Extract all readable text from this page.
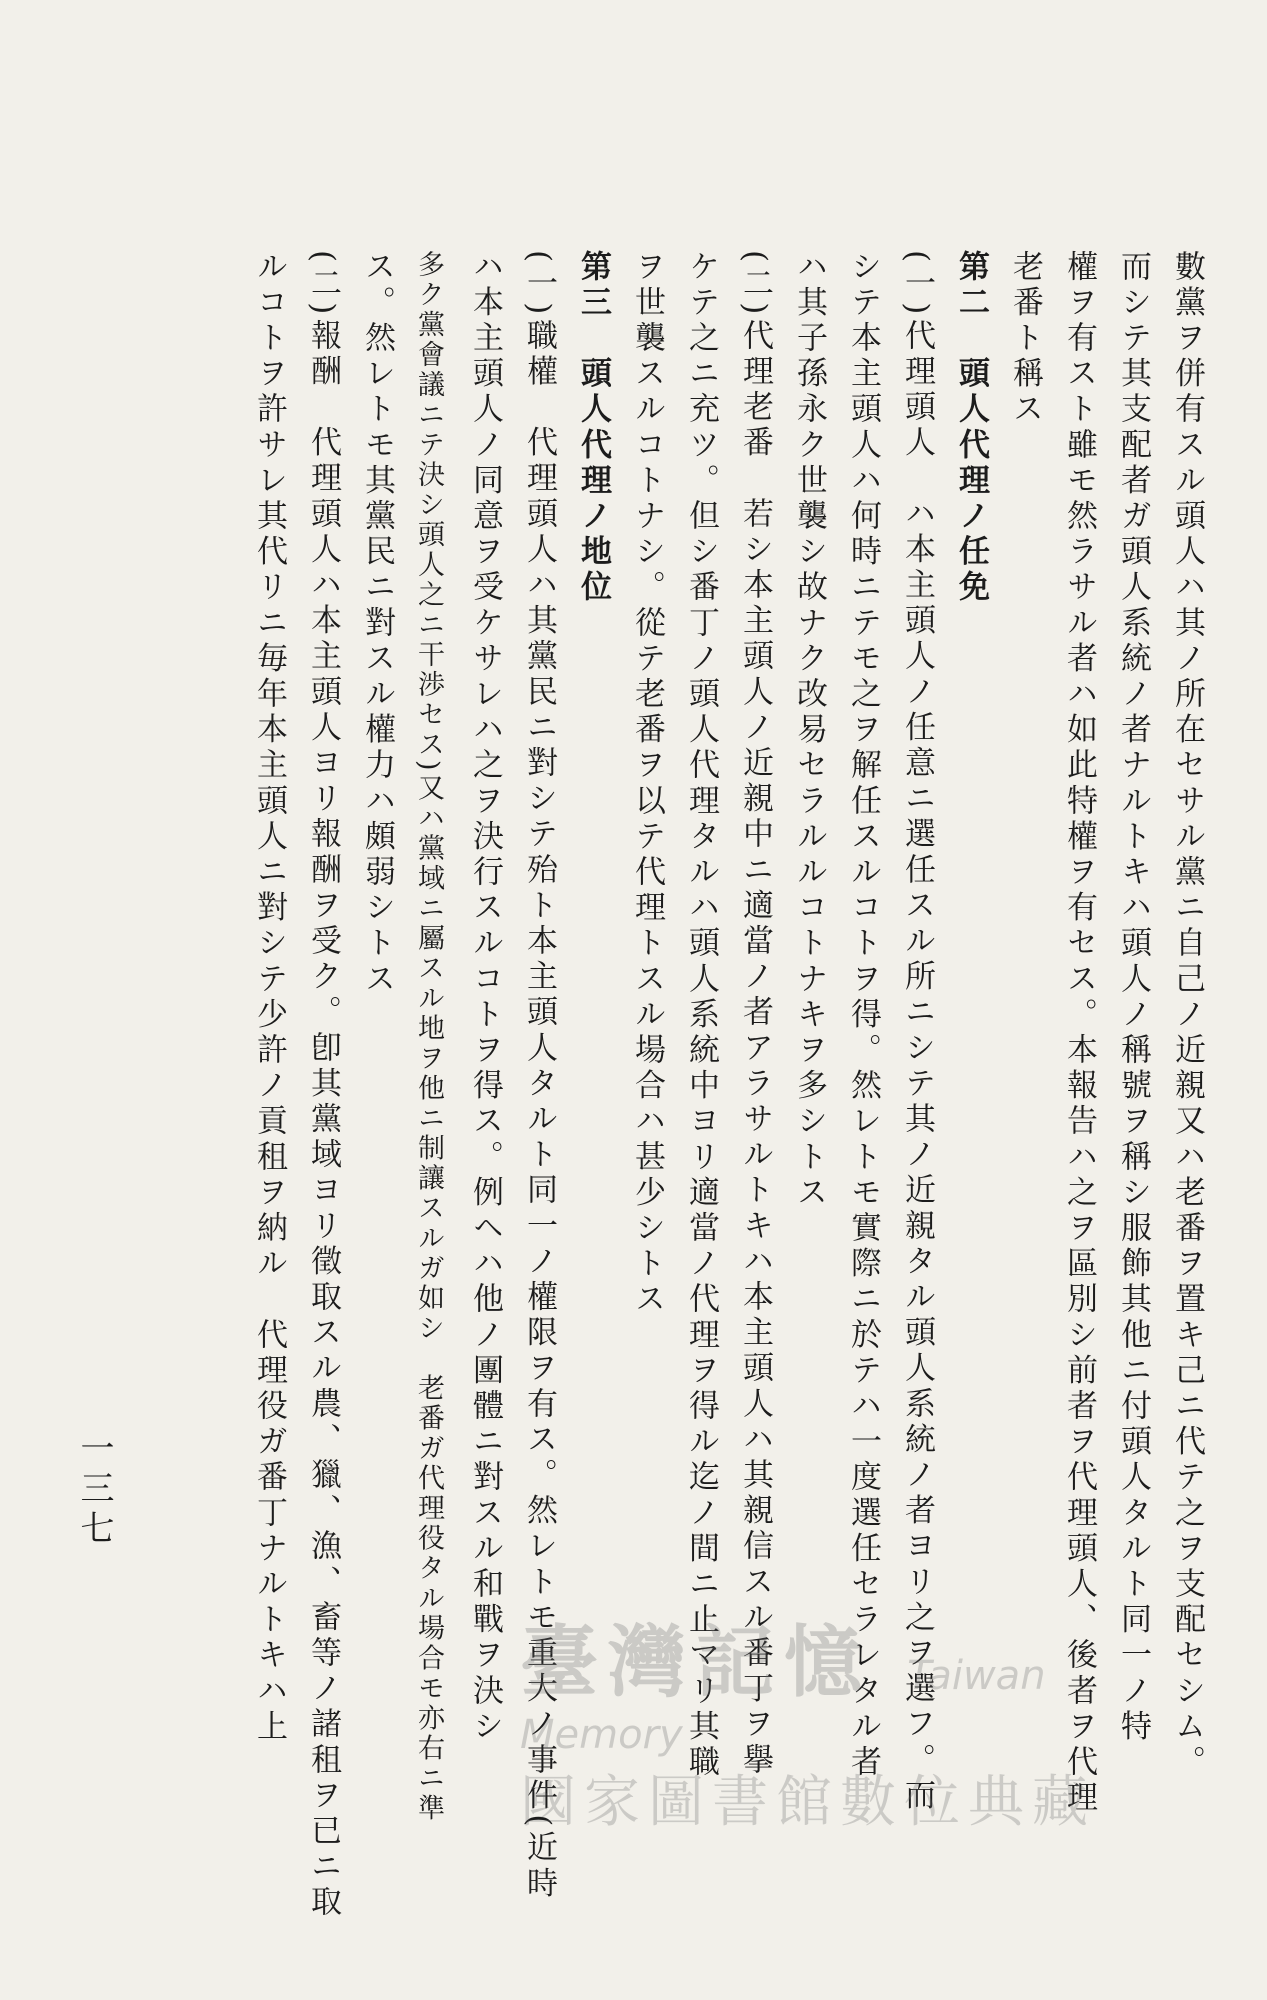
數黨ヲ併有スル頭人ハ其ノ所在セサル黨ニ自己ノ近親又ハ老番ヲ置キ己ニ代テ之ヲ支配セシム。
而シテ其支配者ガ頭人系統ノ者ナルトキハ頭人ノ稱號ヲ稱シ服飾其他ニ付頭人タルト同一ノ特
權ヲ有スト雖モ然ラサル者ハ如此特權ヲ有セス。本報告ハ之ヲ區別シ前者ヲ代理頭人、後者ヲ代理
老番ト稱ス
第二　頭人代理ノ任免
(一)代理頭人　ハ本主頭人ノ任意ニ選任スル所ニシテ其ノ近親タル頭人系統ノ者ヨリ之ヲ選フ。而
シテ本主頭人ハ何時ニテモ之ヲ解任スルコトヲ得。然レトモ實際ニ於テハ一度選任セラレタル者
ハ其子孫永ク世襲シ故ナク改易セラルルコトナキヲ多シトス
(二)代理老番　若シ本主頭人ノ近親中ニ適當ノ者アラサルトキハ本主頭人ハ其親信スル番丁ヲ擧
ケテ之ニ充ツ。但シ番丁ノ頭人代理タルハ頭人系統中ヨリ適當ノ代理ヲ得ル迄ノ間ニ止マリ其職
ヲ世襲スルコトナシ。從テ老番ヲ以テ代理トスル場合ハ甚少シトス
第三　頭人代理ノ地位
(一)職權　代理頭人ハ其黨民ニ對シテ殆ト本主頭人タルト同一ノ權限ヲ有ス。然レトモ重大ノ事件(近時
ハ本主頭人ノ同意ヲ受ケサレハ之ヲ決行スルコトヲ得ス。例ヘハ他ノ團體ニ對スル和戰ヲ決シ
多ク黨會議ニテ決シ頭人之ニ干渉セス)又ハ黨域ニ屬スル地ヲ他ニ制讓スルガ如シ　老番ガ代理役タル場合モ亦右ニ準
ス。然レトモ其黨民ニ對スル權力ハ頗弱シトス
(二)報酬　代理頭人ハ本主頭人ヨリ報酬ヲ受ク。卽其黨域ヨリ徵取スル農、獵、漁、畜等ノ諸租ヲ已ニ取
ルコトヲ許サレ其代リニ毎年本主頭人ニ對シテ少許ノ貢租ヲ納ル　代理役ガ番丁ナルトキハ上
一三七
臺灣記憶 Taiwan Memory
國家圖書館數位典藏
